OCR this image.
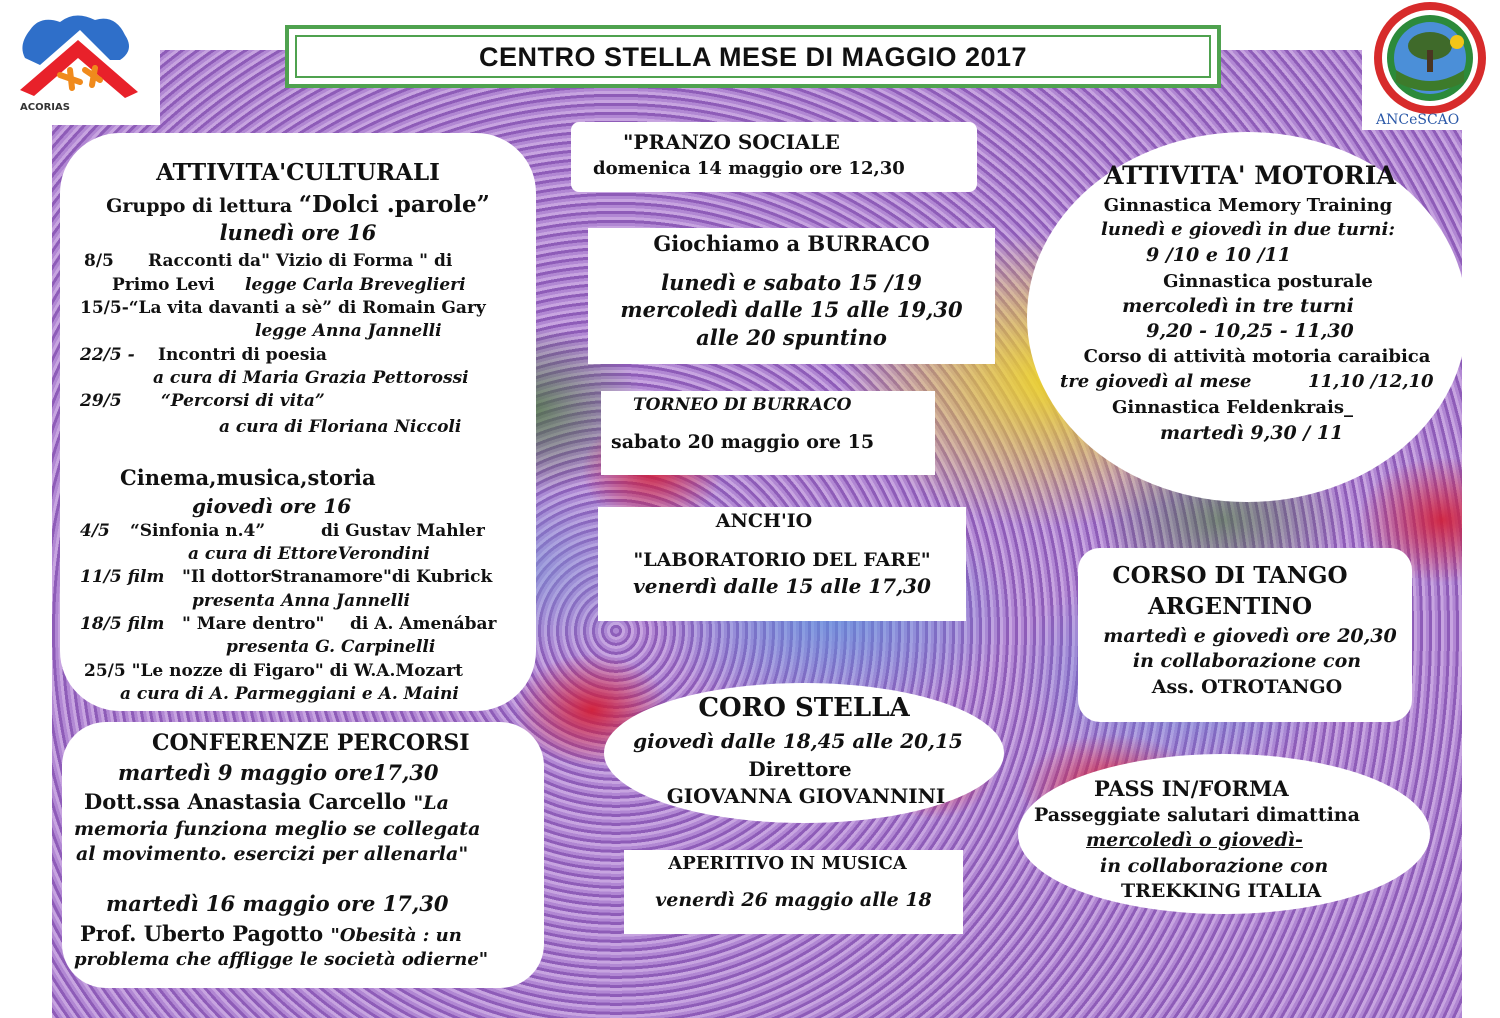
ACORIAS
ANCeSCAO
CENTRO STELLA MESE DI MAGGIO 2017
ATTIVITA'CULTURALI
Gruppo di lettura “Dolci .parole”
lunedì ore 16
8/5 Racconti da" Vizio di Forma " di
Primo Levi legge Carla Breveglieri
15/5-“La vita davanti a sè” di Romain Gary
legge Anna Jannelli
22/5 - Incontri di poesia
a cura di Maria Grazia Pettorossi
29/5 “Percorsi di vita”
a cura di Floriana Niccoli
Cinema,musica,storia
giovedì ore 16
4/5 “Sinfonia n.4”	di Gustav Mahler
a cura di EttoreVerondini
11/5 film "Il dottorStranamore"di Kubrick
presenta Anna Jannelli
18/5 film " Mare dentro" di A. Amenábar
presenta G. Carpinelli
25/5 "Le nozze di Figaro" di W.A.Mozart
a cura di A. Parmeggiani e A. Maini
CONFERENZE PERCORSI
martedì 9 maggio ore17,30
Dott.ssa Anastasia Carcello "La
memoria funziona meglio se collegata
al movimento. esercizi per allenarla"
martedì 16 maggio ore 17,30
Prof. Uberto Pagotto "Obesità : un
problema che affligge le società odierne"
"PRANZO SOCIALE
domenica 14 maggio ore 12,30
Giochiamo a BURRACO
lunedì e sabato 15 /19
mercoledì dalle 15 alle 19,30
alle 20 spuntino
TORNEO DI BURRACO
sabato 20 maggio ore 15
ANCH'IO
"LABORATORIO DEL FARE"
venerdì dalle 15 alle 17,30
CORO STELLA
giovedì dalle 18,45 alle 20,15
Direttore
GIOVANNA GIOVANNINI
APERITIVO IN MUSICA
venerdì 26 maggio alle 18
ATTIVITA' MOTORIA
Ginnastica Memory Training
lunedì e giovedì in due turni:
9 /10 e 10 /11
Ginnastica posturale
mercoledì in tre turni
9,20 - 10,25 - 11,30
Corso di attività motoria caraibica
tre giovedì al mese	11,10 /12,10
Ginnastica Feldenkrais_
martedì 9,30 / 11
CORSO DI TANGO
ARGENTINO
martedì e giovedì ore 20,30
in collaborazione con
Ass. OTROTANGO
PASS IN/FORMA
Passeggiate salutari dimattina
mercoledì o giovedì-
in collaborazione con
TREKKING ITALIA
